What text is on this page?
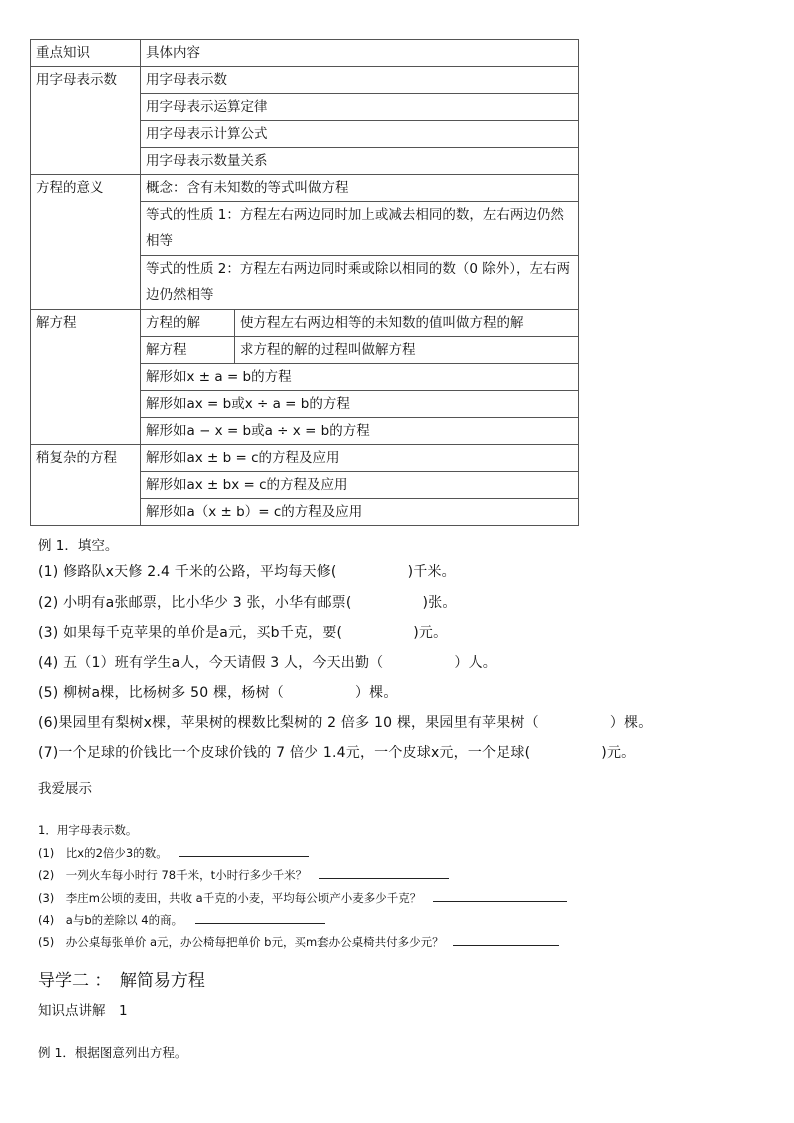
重点知识	具体内容	
用字母表示数	用字母表示数	
	用字母表示运算定律	
	用字母表示计算公式	
	用字母表示数量关系	
方程的意义	概念：含有未知数的等式叫做方程	
	等式的性质 1：方程左右两边同时加上或减去相同的数，左右两边仍然相等	
	等式的性质 2：方程左右两边同时乘或除以相同的数（0 除外），左右两边仍然相等	
解方程	方程的解	使方程左右两边相等的未知数的值叫做方程的解
	解方程	求方程的解的过程叫做解方程
	解形如x ± a = b的方程	
	解形如ax = b或x ÷ a = b的方程	
	解形如a − x = b或a ÷ x = b的方程	
稍复杂的方程	解形如ax ± b = c的方程及应用	
	解形如ax ± bx = c的方程及应用	
	解形如a（x ± b）= c的方程及应用	
例 1．填空。
(1) 修路队x天修 2.4 千米的公路，平均每天修(　　　　　)千米。
(2) 小明有a张邮票，比小华少 3 张，小华有邮票(　　　　　)张。
(3) 如果每千克苹果的单价是a元，买b千克，要(　　　　　)元。
(4) 五（1）班有学生a人，今天请假 3 人，今天出勤（　　　　　）人。
(5) 柳树a棵，比杨树多 50 棵，杨树（　　　　　）棵。
(6)果园里有梨树x棵，苹果树的棵数比梨树的 2 倍多 10 棵，果园里有苹果树（　　　　　）棵。
(7)一个足球的价钱比一个皮球价钱的 7 倍少 1.4元，一个皮球x元，一个足球(　　　　　)元。
我爱展示
1．用字母表示数。
(1)　比x的2倍少3的数。
(2)　一列火车每小时行 78千米，t小时行多少千米？
(3)　李庄m公顷的麦田，共收 a千克的小麦，平均每公顷产小麦多少千克？
(4)　a与b的差除以 4的商。
(5)　办公桌每张单价 a元，办公椅每把单价 b元，买m套办公桌椅共付多少元？
导学二 ：　解简易方程
知识点讲解　1
例 1．根据图意列出方程。
